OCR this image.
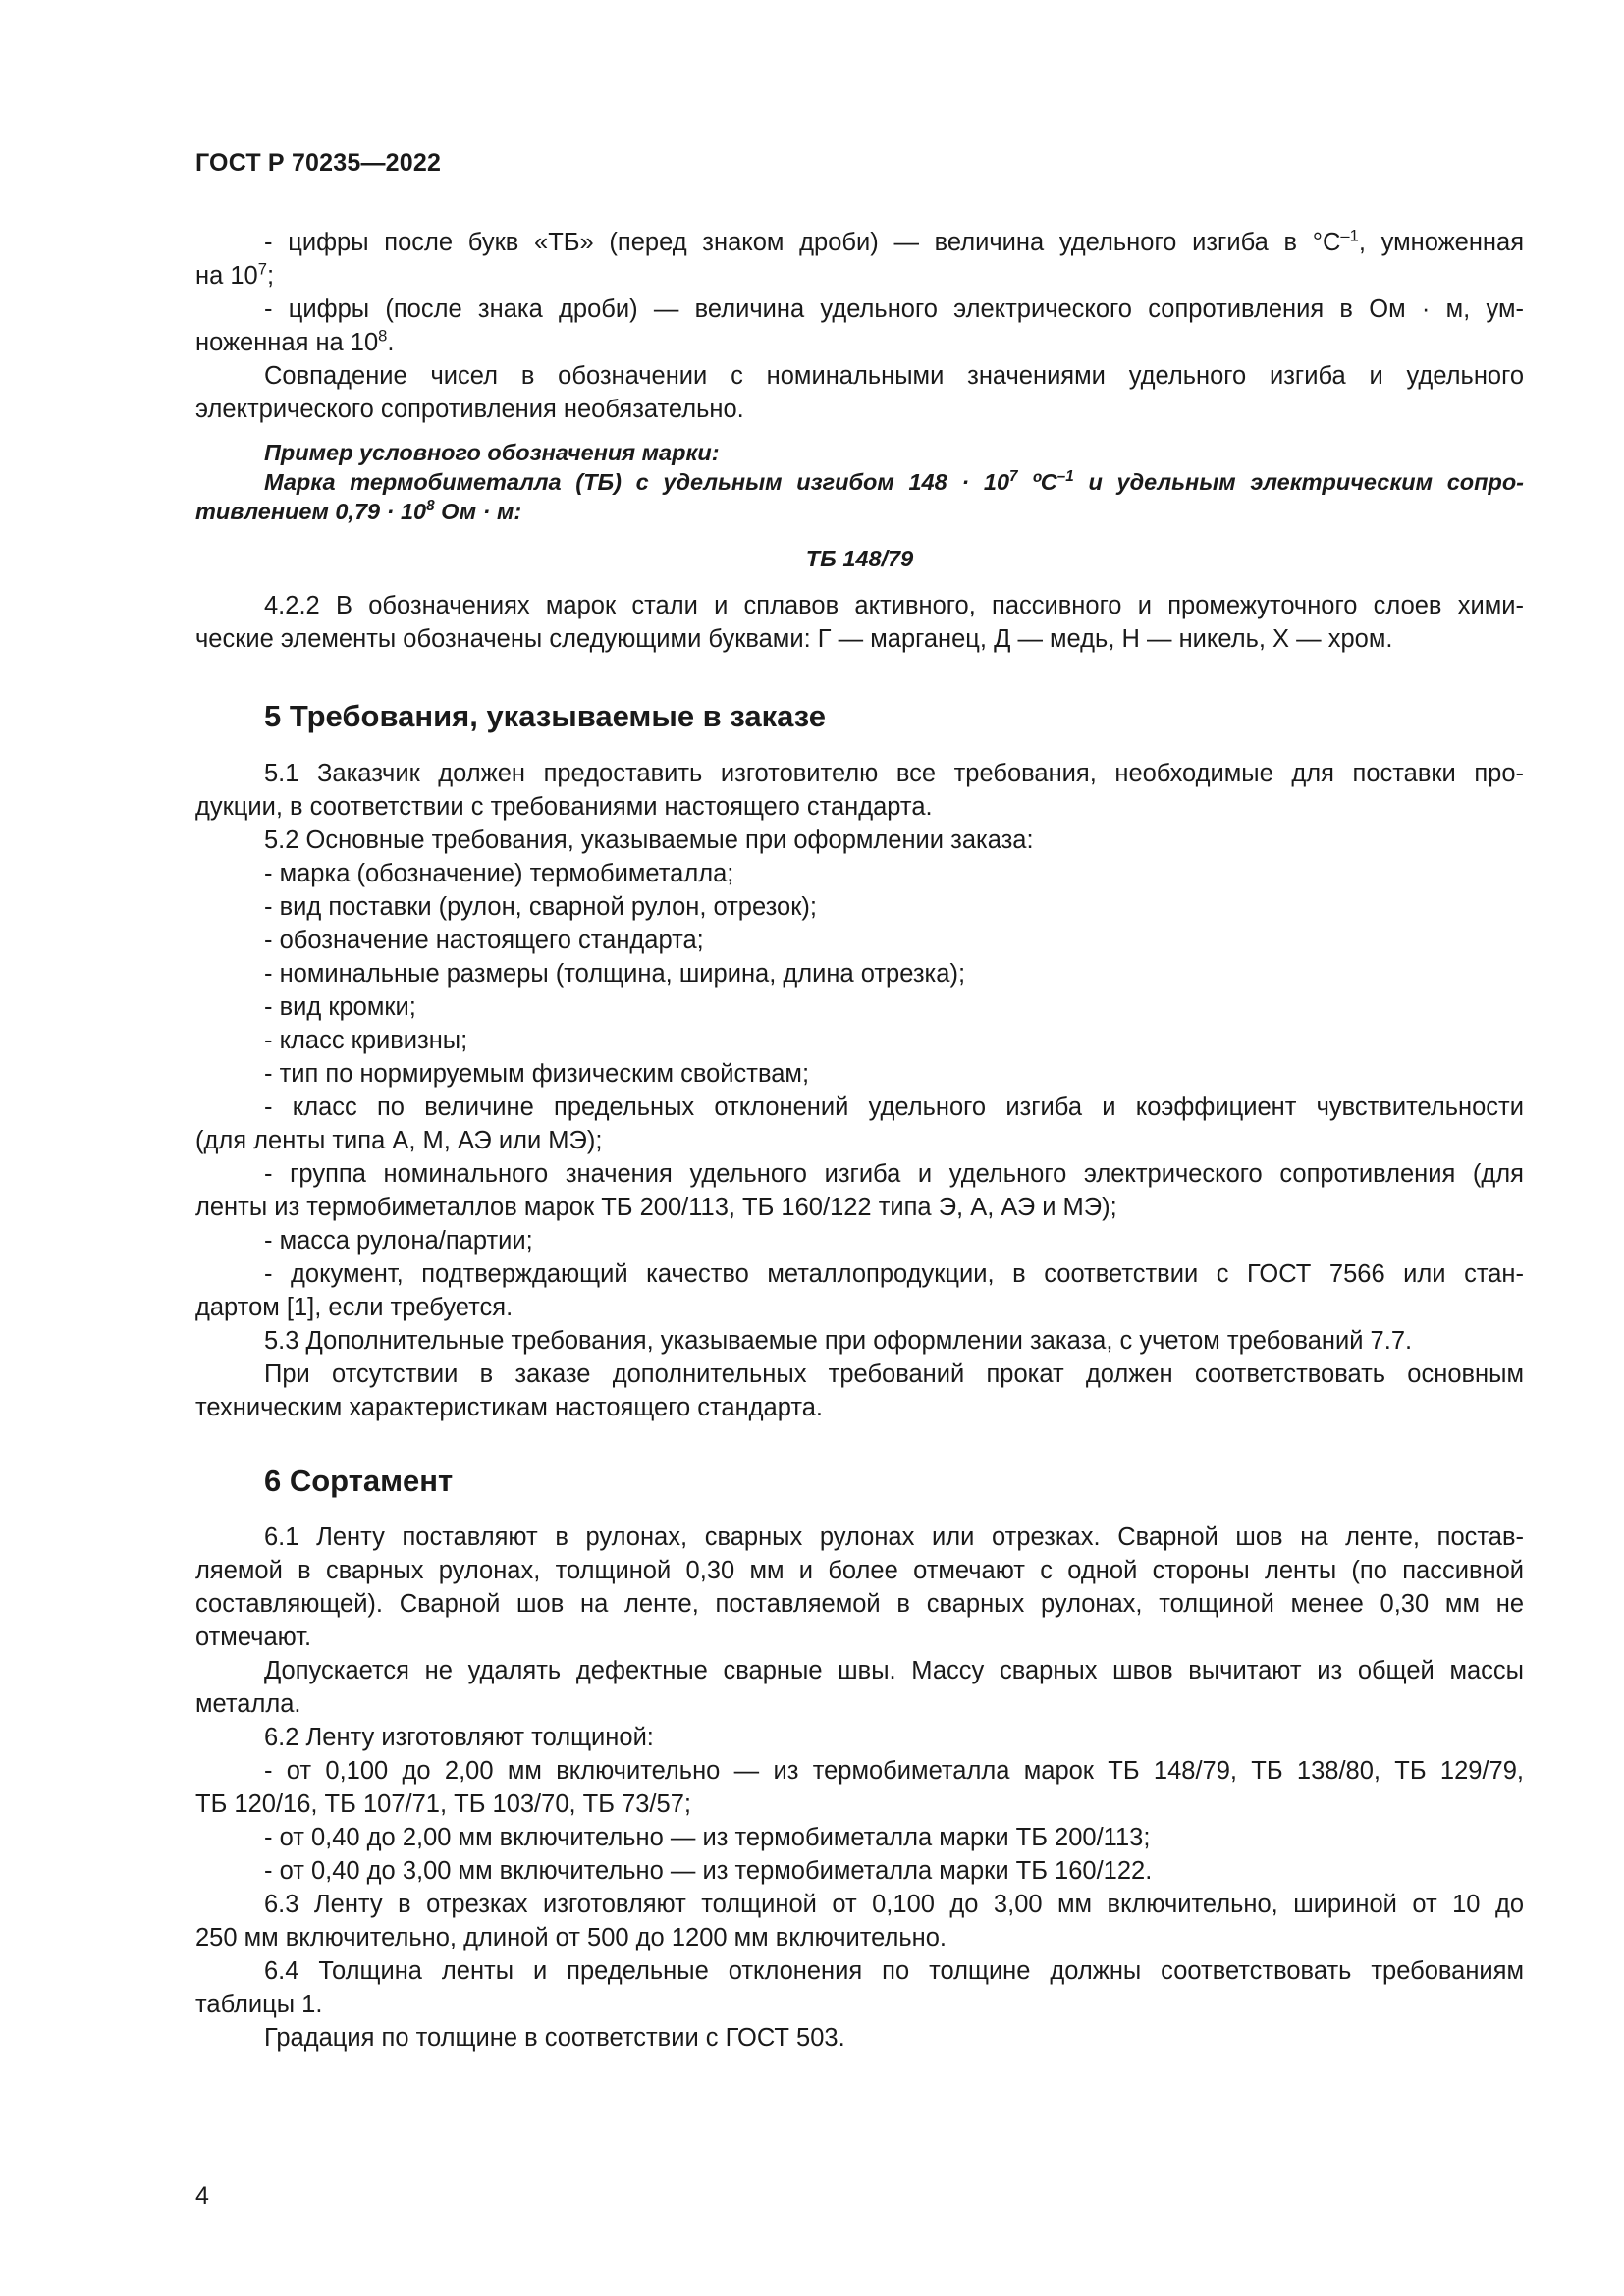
ГОСТ Р 70235—2022

- цифры после букв «ТБ» (перед знаком дроби) — величина удельного изгиба в $^\circ С^{-1}$, умноженная

на $10^7$;

- цифры (после знака дроби) — величина удельного электрического сопротивления в Ом · м, ум-

ноженная на $10^8$.

Совпадение чисел в обозначении с номинальными значениями удельного изгиба и удельного

электрического сопротивления необязательно.

Пример условного обозначения марки:

Марка термобиметалла (ТБ) с удельным изгибом $148 \cdot 10^7$ ºС$^{-1}$ и удельным электрическим сопро-

тивлением $0,79 \cdot 10^8$ Ом · м:

ТБ 148/79

4.2.2 В обозначениях марок стали и сплавов активного, пассивного и промежуточного слоев хими-

ческие элементы обозначены следующими буквами: Г — марганец, Д — медь, Н — никель, Х — хром.

5 Требования, указываемые в заказе

5.1 Заказчик должен предоставить изготовителю все требования, необходимые для поставки про-

дукции, в соответствии с требованиями настоящего стандарта.

5.2 Основные требования, указываемые при оформлении заказа:

- марка (обозначение) термобиметалла;

- вид поставки (рулон, сварной рулон, отрезок);

- обозначение настоящего стандарта;

- номинальные размеры (толщина, ширина, длина отрезка);

- вид кромки;

- класс кривизны;

- тип по нормируемым физическим свойствам;

- класс по величине предельных отклонений удельного изгиба и коэффициент чувствительности

(для ленты типа А, М, АЭ или МЭ);

- группа номинального значения удельного изгиба и удельного электрического сопротивления (для

ленты из термобиметаллов марок ТБ 200/113, ТБ 160/122 типа Э, А, АЭ и МЭ);

- масса рулона/партии;

- документ, подтверждающий качество металлопродукции, в соответствии с ГОСТ 7566 или стан-

дартом [1], если требуется.

5.3 Дополнительные требования, указываемые при оформлении заказа, с учетом требований 7.7.

При отсутствии в заказе дополнительных требований прокат должен соответствовать основным

техническим характеристикам настоящего стандарта.

6 Сортамент

6.1 Ленту поставляют в рулонах, сварных рулонах или отрезках. Сварной шов на ленте, постав-

ляемой в сварных рулонах, толщиной 0,30 мм и более отмечают с одной стороны ленты (по пассивной

составляющей). Сварной шов на ленте, поставляемой в сварных рулонах, толщиной менее 0,30 мм не

отмечают.

Допускается не удалять дефектные сварные швы. Массу сварных швов вычитают из общей массы

металла.

6.2 Ленту изготовляют толщиной:

- от 0,100 до 2,00 мм включительно — из термобиметалла марок ТБ 148/79, ТБ 138/80, ТБ 129/79,

ТБ 120/16, ТБ 107/71, ТБ 103/70, ТБ 73/57;

- от 0,40 до 2,00 мм включительно — из термобиметалла марки ТБ 200/113;

- от 0,40 до 3,00 мм включительно — из термобиметалла марки ТБ 160/122.

6.3 Ленту в отрезках изготовляют толщиной от 0,100 до 3,00 мм включительно, шириной от 10 до

250 мм включительно, длиной от 500 до 1200 мм включительно.

6.4 Толщина ленты и предельные отклонения по толщине должны соответствовать требованиям

таблицы 1.

Градация по толщине в соответствии с ГОСТ 503.

4
